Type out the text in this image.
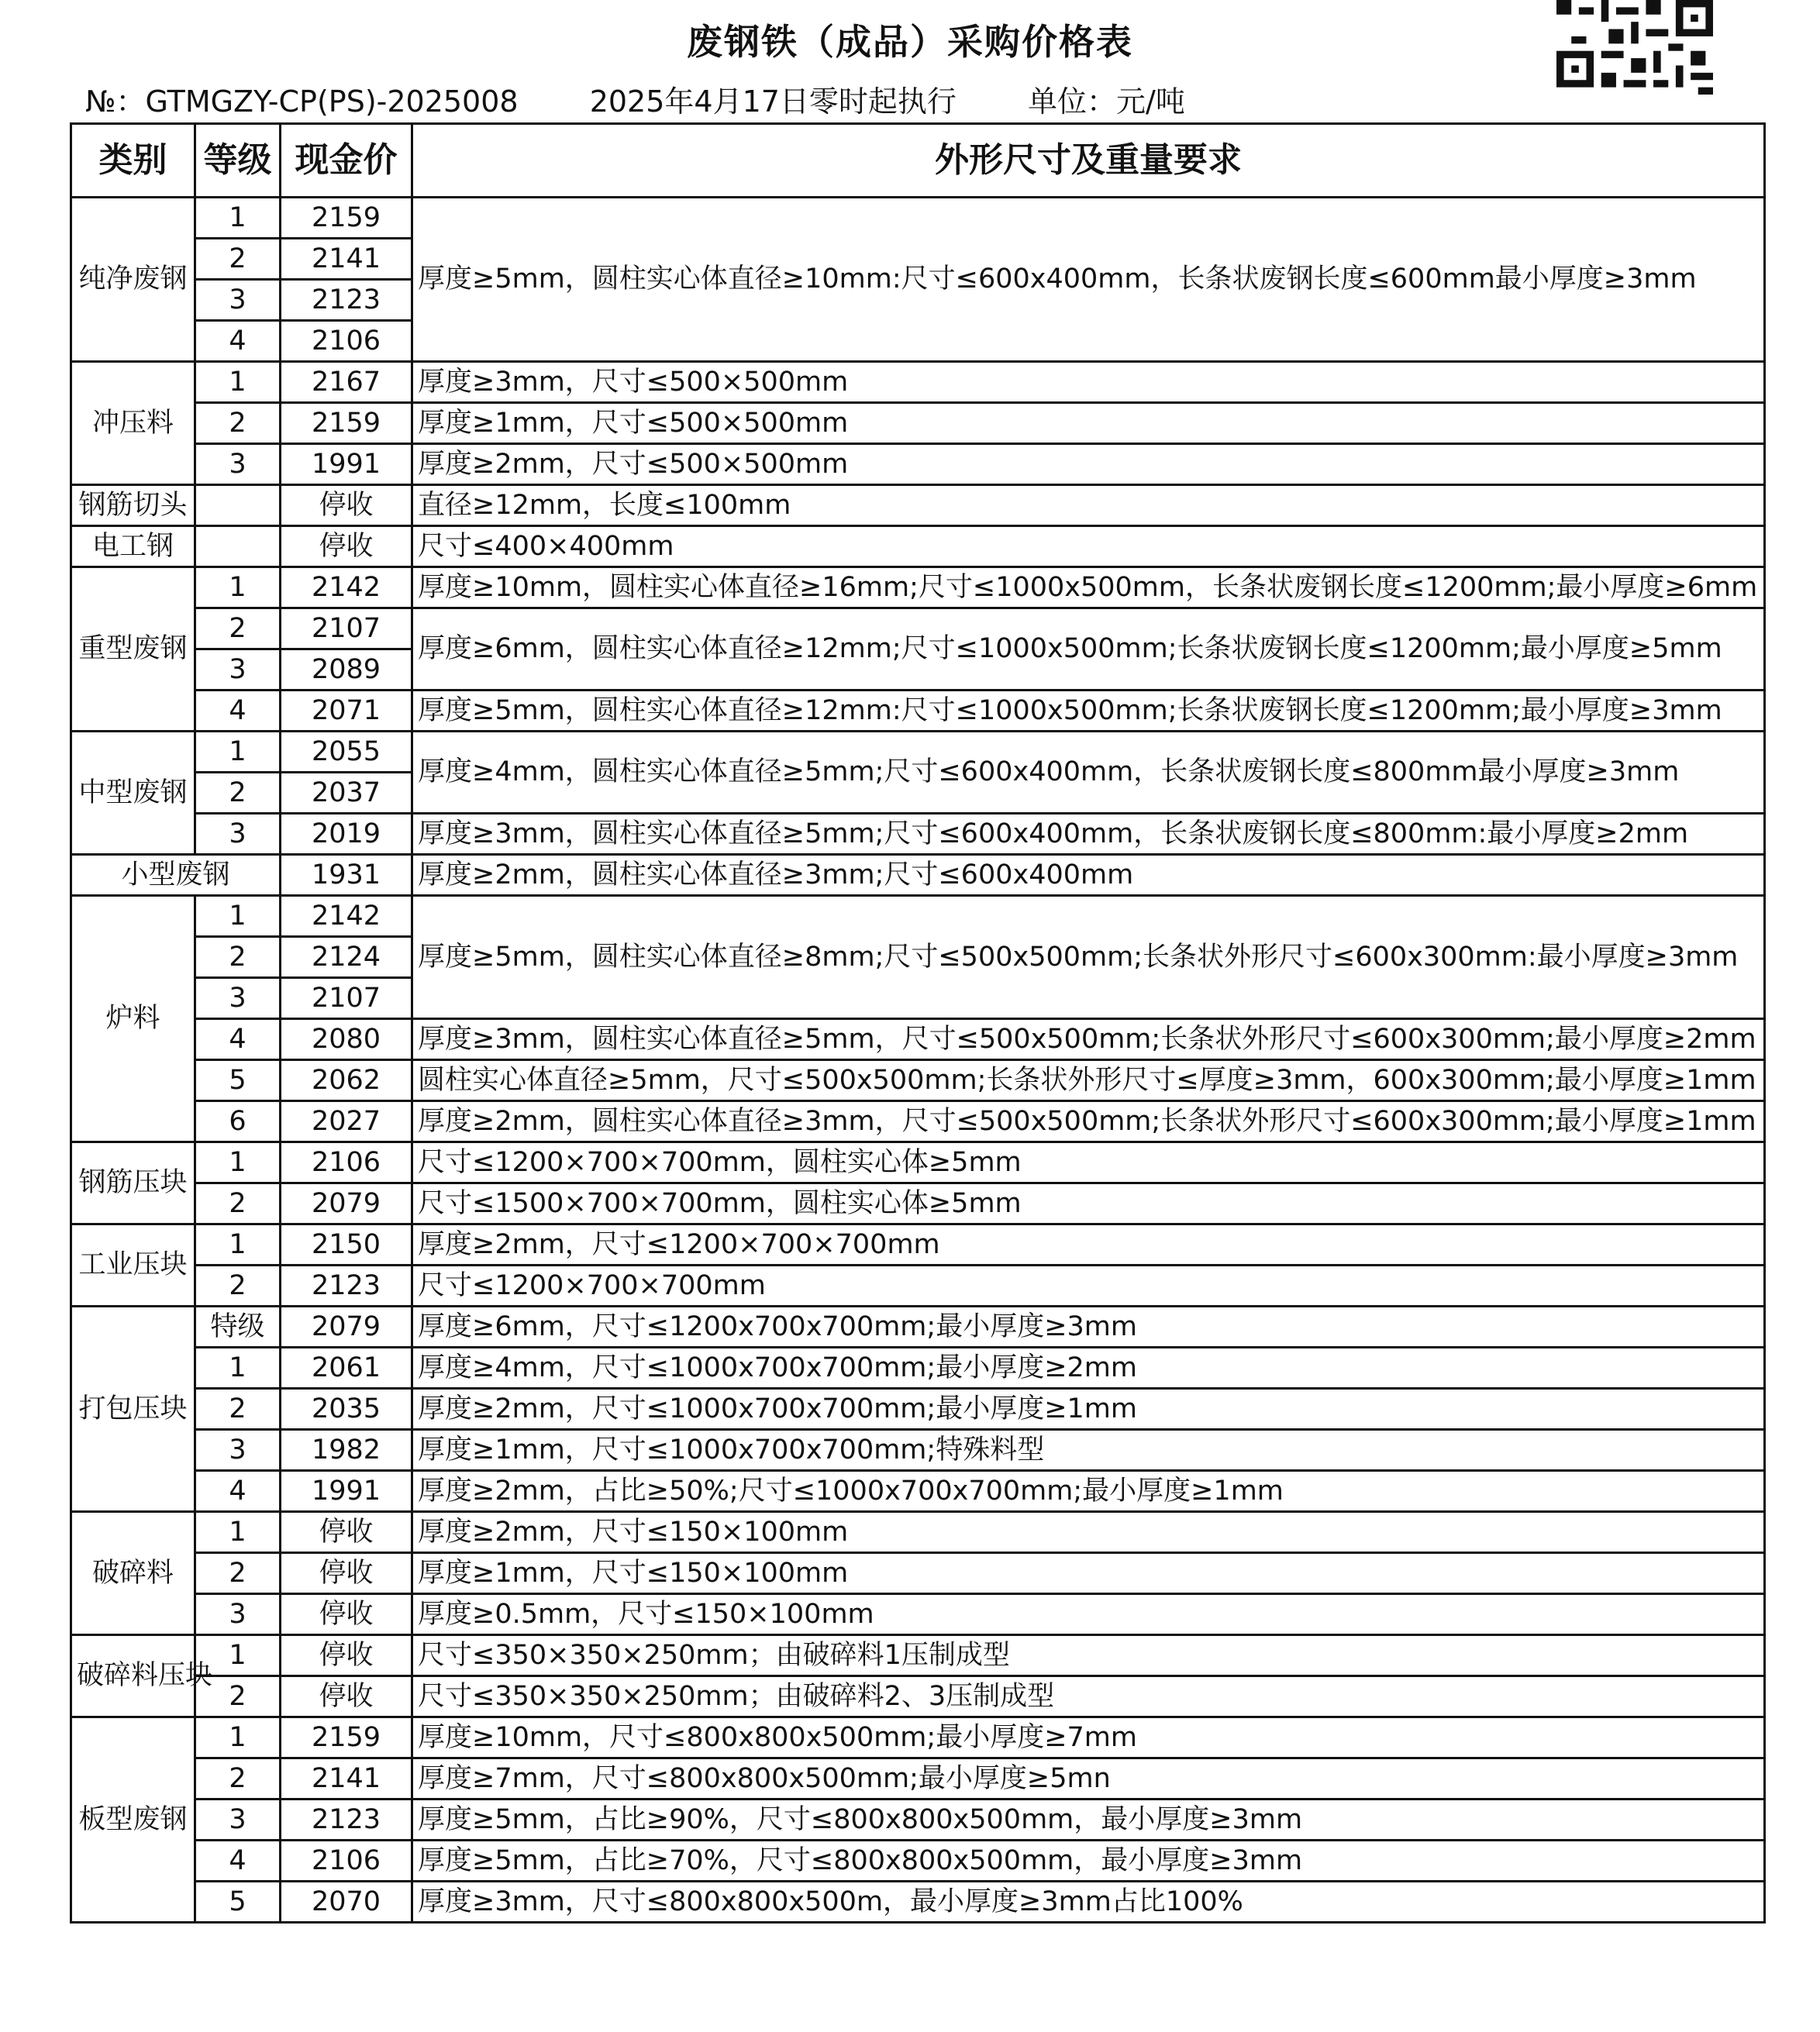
废钢铁（成品）采购价格表
№：GTMGZY-CP(PS)-2025008 2025年4月17日零时起执行 单位：元/吨
类别	等级	现金价	外形尺寸及重量要求
纯净废钢	1	2159	厚度≥5mm，圆柱实心体直径≥10mm:尺寸≤600x400mm，长条状废钢长度≤600mm最小厚度≥3mm
	2	2141	
	3	2123	
	4	2106	
冲压料	1	2167	厚度≥3mm，尺寸≤500×500mm
	2	2159	厚度≥1mm，尺寸≤500×500mm
	3	1991	厚度≥2mm，尺寸≤500×500mm
钢筋切头		停收	直径≥12mm，长度≤100mm
电工钢		停收	尺寸≤400×400mm
重型废钢	1	2142	厚度≥10mm，圆柱实心体直径≥16mm;尺寸≤1000x500mm，长条状废钢长度≤1200mm;最小厚度≥6mm
	2	2107	厚度≥6mm，圆柱实心体直径≥12mm;尺寸≤1000x500mm;长条状废钢长度≤1200mm;最小厚度≥5mm
	3	2089	
	4	2071	厚度≥5mm，圆柱实心体直径≥12mm:尺寸≤1000x500mm;长条状废钢长度≤1200mm;最小厚度≥3mm
中型废钢	1	2055	厚度≥4mm，圆柱实心体直径≥5mm;尺寸≤600x400mm，长条状废钢长度≤800mm最小厚度≥3mm
	2	2037	
	3	2019	厚度≥3mm，圆柱实心体直径≥5mm;尺寸≤600x400mm，长条状废钢长度≤800mm:最小厚度≥2mm
小型废钢		1931	厚度≥2mm，圆柱实心体直径≥3mm;尺寸≤600x400mm
炉料	1	2142	厚度≥5mm，圆柱实心体直径≥8mm;尺寸≤500x500mm;长条状外形尺寸≤600x300mm:最小厚度≥3mm
	2	2124	
	3	2107	
	4	2080	厚度≥3mm，圆柱实心体直径≥5mm，尺寸≤500x500mm;长条状外形尺寸≤600x300mm;最小厚度≥2mm
	5	2062	圆柱实心体直径≥5mm，尺寸≤500x500mm;长条状外形尺寸≤厚度≥3mm，600x300mm;最小厚度≥1mm
	6	2027	厚度≥2mm，圆柱实心体直径≥3mm，尺寸≤500x500mm;长条状外形尺寸≤600x300mm;最小厚度≥1mm
钢筋压块	1	2106	尺寸≤1200×700×700mm，圆柱实心体≥5mm
	2	2079	尺寸≤1500×700×700mm，圆柱实心体≥5mm
工业压块	1	2150	厚度≥2mm，尺寸≤1200×700×700mm
	2	2123	尺寸≤1200×700×700mm
打包压块	特级	2079	厚度≥6mm，尺寸≤1200x700x700mm;最小厚度≥3mm
	1	2061	厚度≥4mm，尺寸≤1000x700x700mm;最小厚度≥2mm
	2	2035	厚度≥2mm，尺寸≤1000x700x700mm;最小厚度≥1mm
	3	1982	厚度≥1mm，尺寸≤1000x700x700mm;特殊料型
	4	1991	厚度≥2mm，占比≥50%;尺寸≤1000x700x700mm;最小厚度≥1mm
破碎料	1	停收	厚度≥2mm，尺寸≤150×100mm
	2	停收	厚度≥1mm，尺寸≤150×100mm
	3	停收	厚度≥0.5mm，尺寸≤150×100mm
破碎料压块	1	停收	尺寸≤350×350×250mm；由破碎料1压制成型
	2	停收	尺寸≤350×350×250mm；由破碎料2、3压制成型
板型废钢	1	2159	厚度≥10mm，尺寸≤800x800x500mm;最小厚度≥7mm
	2	2141	厚度≥7mm，尺寸≤800x800x500mm;最小厚度≥5mn
	3	2123	厚度≥5mm，占比≥90%，尺寸≤800x800x500mm，最小厚度≥3mm
	4	2106	厚度≥5mm，占比≥70%，尺寸≤800x800x500mm，最小厚度≥3mm
	5	2070	厚度≥3mm，尺寸≤800x800x500m，最小厚度≥3mm占比100%
